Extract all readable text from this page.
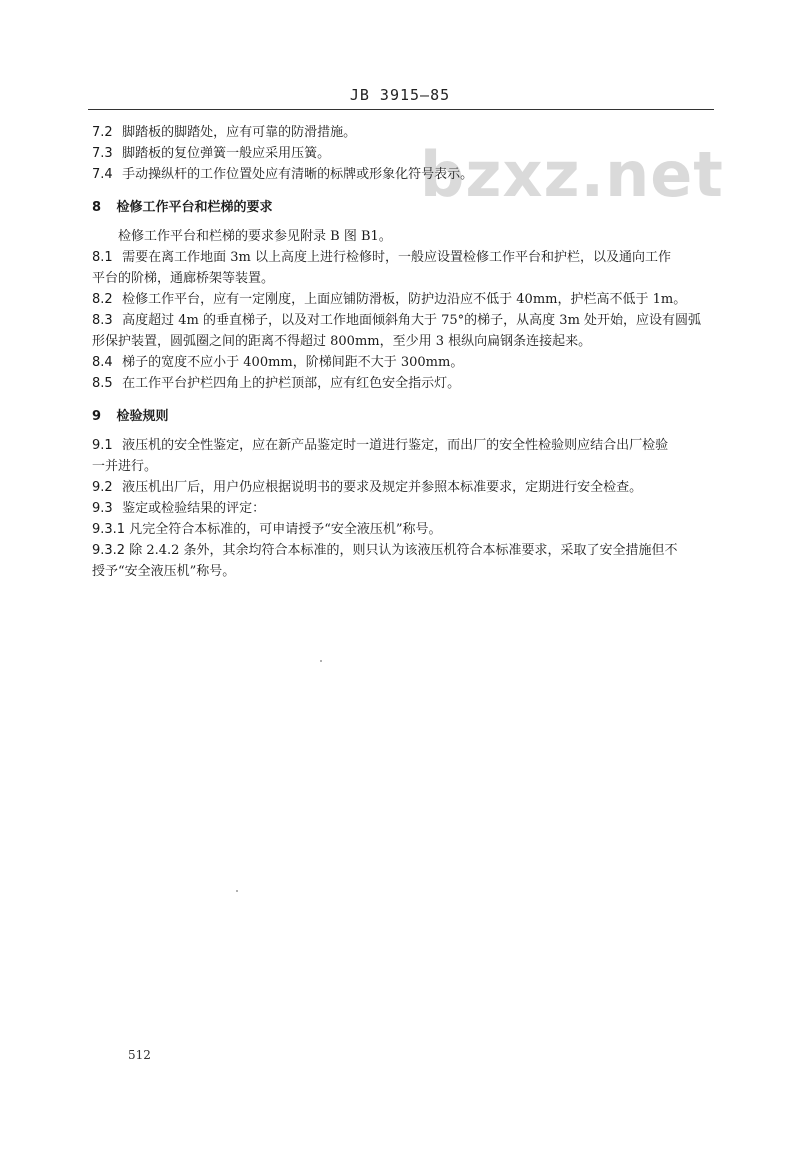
JB 3915—85
bzxz.net
7.2 脚踏板的脚踏处，应有可靠的防滑措施。
7.3 脚踏板的复位弹簧一般应采用压簧。
7.4 手动操纵杆的工作位置处应有清晰的标牌或形象化符号表示。
8 检修工作平台和栏梯的要求
检修工作平台和栏梯的要求参见附录 B 图 B1。
8.1 需要在离工作地面 3m 以上高度上进行检修时，一般应设置检修工作平台和护栏，以及通向工作
平台的阶梯，通廊桥架等装置。
8.2 检修工作平台，应有一定刚度，上面应铺防滑板，防护边沿应不低于 40mm，护栏高不低于 1m。
8.3 高度超过 4m 的垂直梯子，以及对工作地面倾斜角大于 75°的梯子，从高度 3m 处开始，应设有圆弧
形保护装置，圆弧圈之间的距离不得超过 800mm，至少用 3 根纵向扁钢条连接起来。
8.4 梯子的宽度不应小于 400mm，阶梯间距不大于 300mm。
8.5 在工作平台护栏四角上的护栏顶部，应有红色安全指示灯。
9 检验规则
9.1 液压机的安全性鉴定，应在新产品鉴定时一道进行鉴定，而出厂的安全性检验则应结合出厂检验
一并进行。
9.2 液压机出厂后，用户仍应根据说明书的要求及规定并参照本标准要求，定期进行安全检查。
9.3 鉴定或检验结果的评定：
9.3.1 凡完全符合本标准的，可申请授予“安全液压机”称号。
9.3.2 除 2.4.2 条外，其余均符合本标准的，则只认为该液压机符合本标准要求，采取了安全措施但不
授予“安全液压机”称号。
512
